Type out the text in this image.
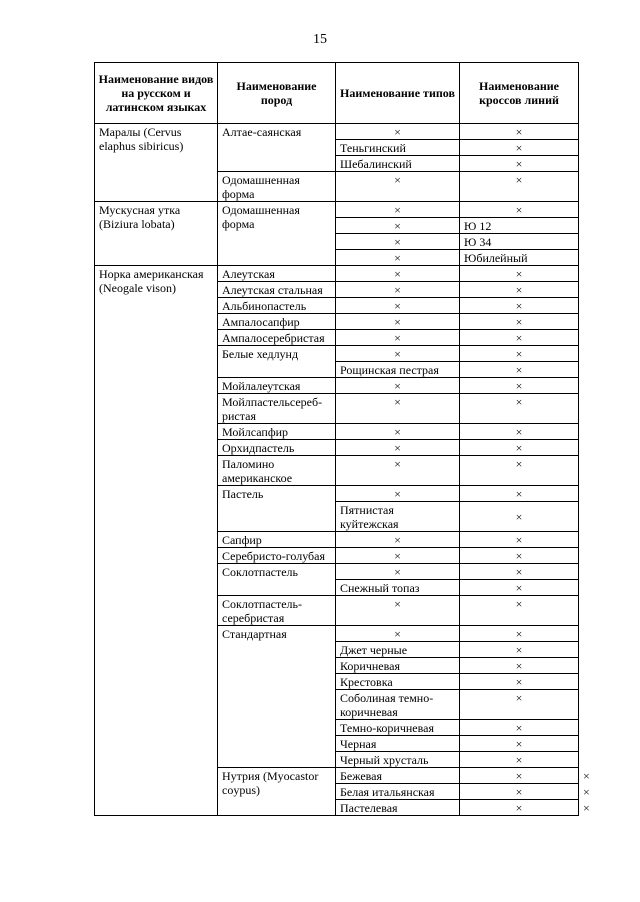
15
Наименование видов на русском и латинском языках	Наименование пород	Наименование типов	Наименование кроссов линий	
Маралы (Cervus elaphus sibiricus)	Алтае-саянская	×	×	
		Теньгинский	×	
		Шебалинский	×	
	Одомашненная форма	×	×	
Мускусная утка (Biziura lobata)	Одомашненная форма	×	×	
		×	Ю 12	
		×	Ю 34	
		×	Юбилейный	
Норка американская (Neogale vison)	Алеутская	×	×	
	Алеутская стальная	×	×	
	Альбинопастель	×	×	
	Ампалосапфир	×	×	
	Ампалосеребристая	×	×	
	Белые хедлунд	×	×	
		Рощинская пестрая	×	
	Мойлалеутская	×	×	
	Мойлпастельсереб-ристая	×	×	
	Мойлсапфир	×	×	
	Орхидпастель	×	×	
	Паломино американское	×	×	
	Пастель	×	×	
		Пятнистая куйтежская	×	
	Сапфир	×	×	
	Серебристо-голубая	×	×	
	Соклотпастель	×	×	
		Снежный топаз	×	
	Соклотпастель-серебристая	×	×	
	Стандартная	×	×	
		Джет черные	×	
		Коричневая	×	
		Крестовка	×	
		Соболиная темно-коричневая	×	
		Темно-коричневая	×	
		Черная	×	
		Черный хрусталь	×	
	Нутрия (Myocastor coypus)	Бежевая	×	×
		Белая итальянская	×	×
		Пастелевая	×	×
